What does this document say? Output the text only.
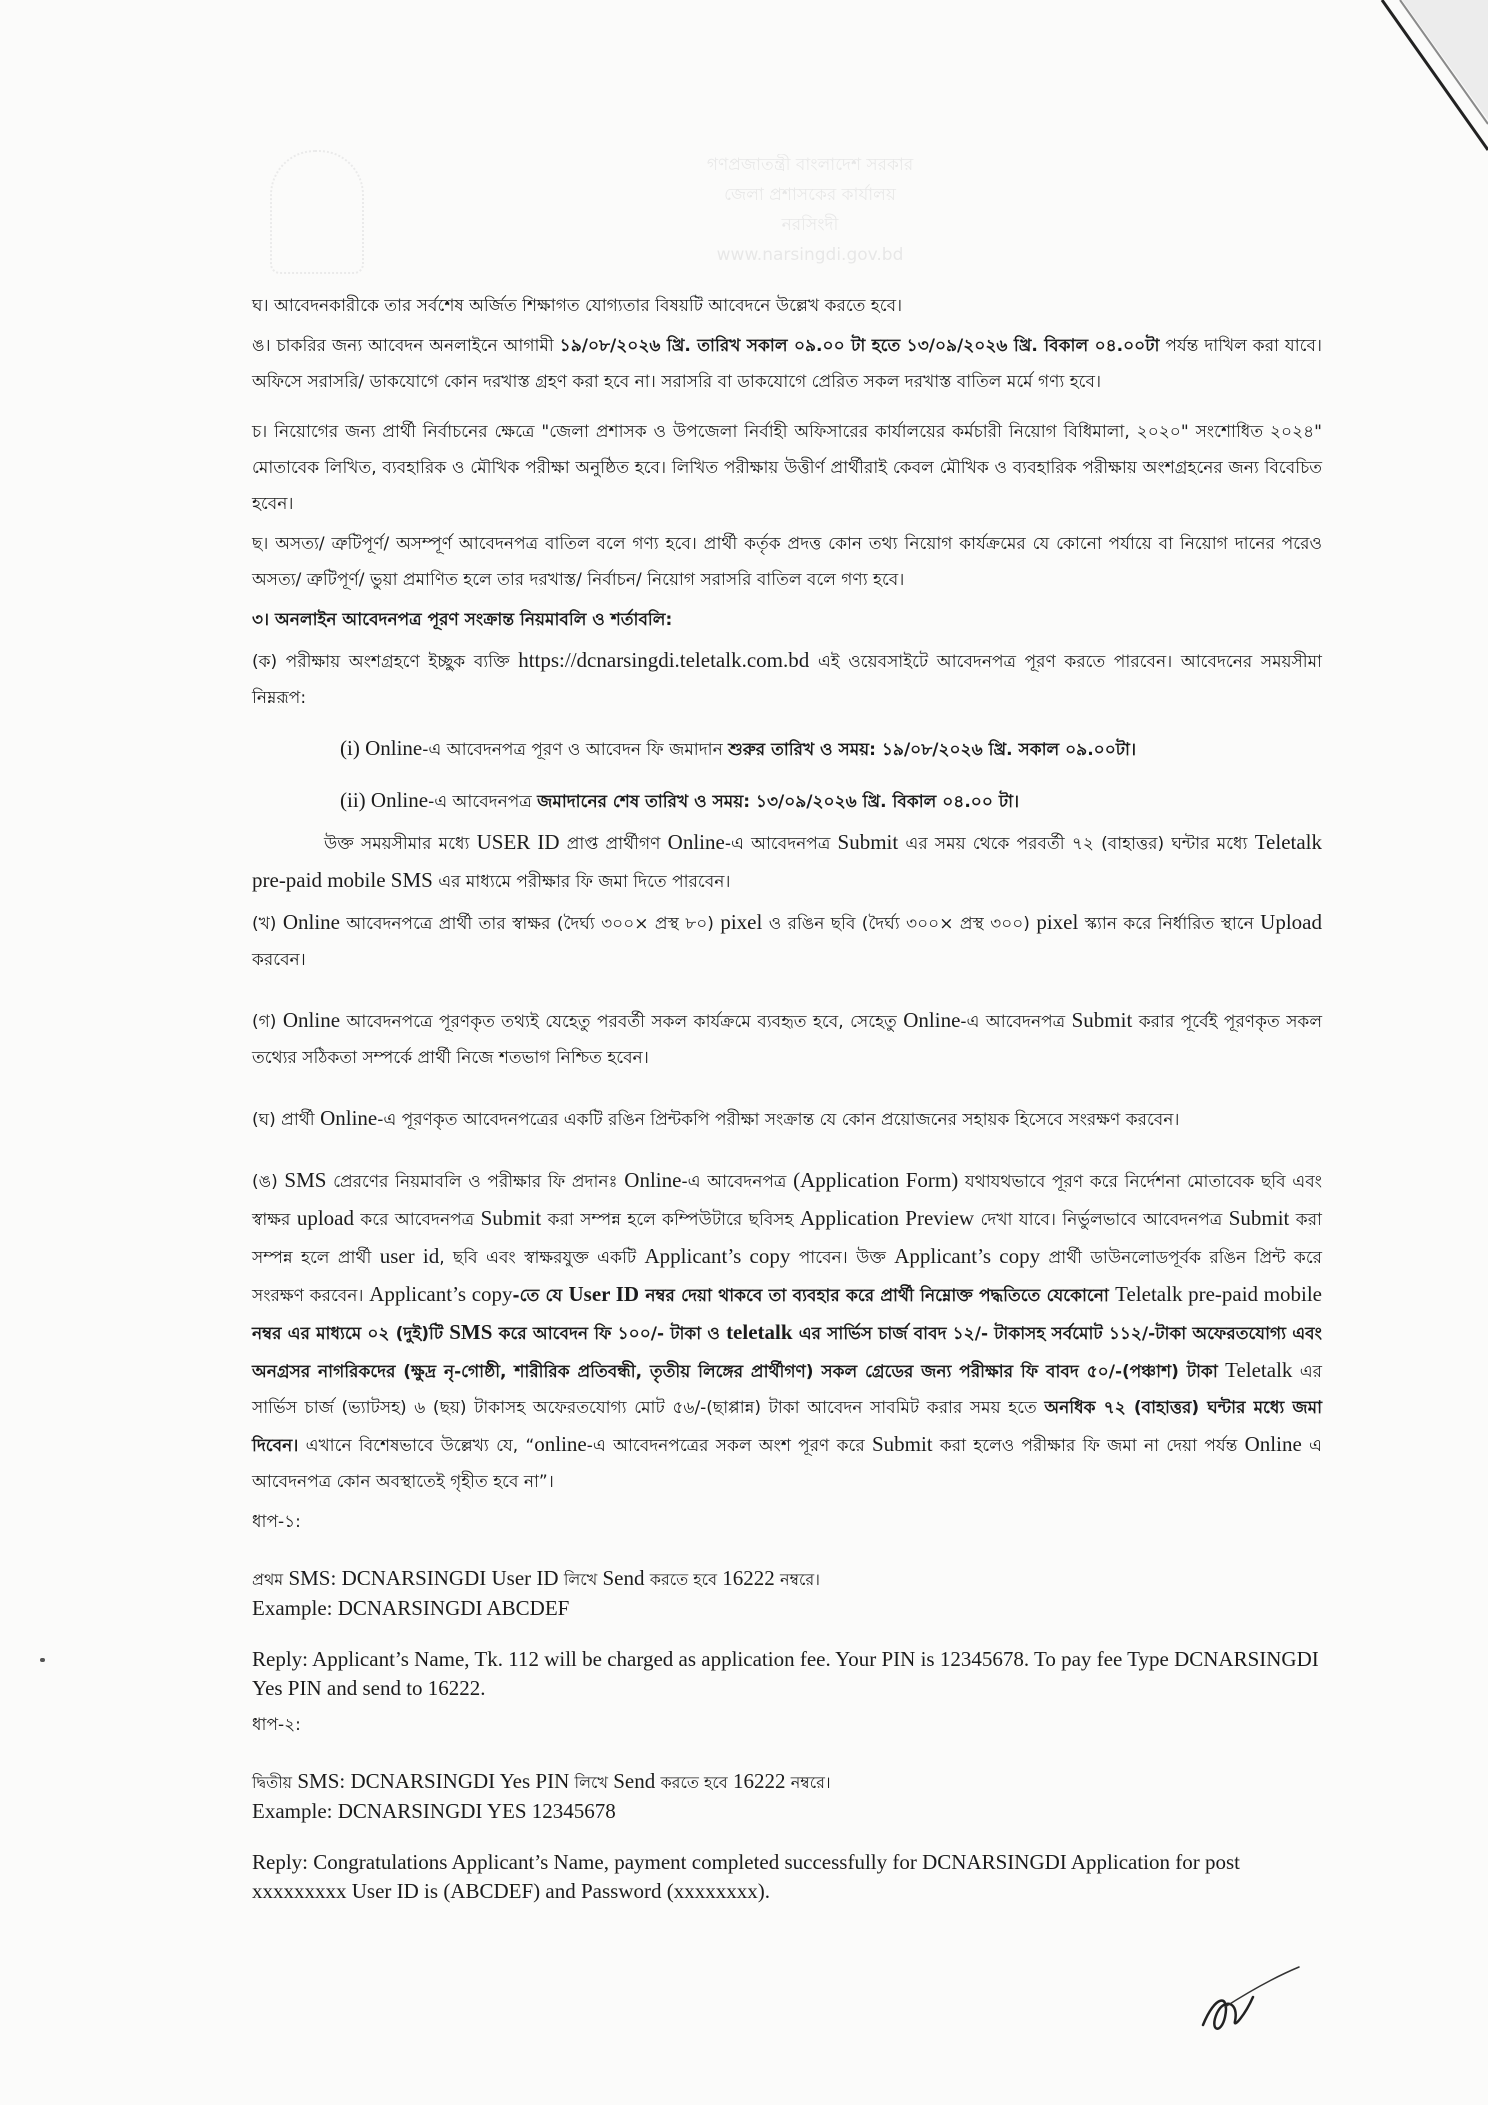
গণপ্রজাতন্ত্রী বাংলাদেশ সরকার
জেলা প্রশাসকের কার্যালয়
নরসিংদী
www.narsingdi.gov.bd

ঘ। আবেদনকারীকে তার সর্বশেষ অর্জিত শিক্ষাগত যোগ্যতার বিষয়টি আবেদনে উল্লেখ করতে হবে।

ঙ। চাকরির জন্য আবেদন অনলাইনে আগামী ১৯/০৮/২০২৬ খ্রি. তারিখ সকাল ০৯.০০ টা হতে ১৩/০৯/২০২৬ খ্রি. বিকাল ০৪.০০টা পর্যন্ত দাখিল করা যাবে। অফিসে সরাসরি/ ডাকযোগে কোন দরখাস্ত গ্রহণ করা হবে না। সরাসরি বা ডাকযোগে প্রেরিত সকল দরখাস্ত বাতিল মর্মে গণ্য হবে।

চ। নিয়োগের জন্য প্রার্থী নির্বাচনের ক্ষেত্রে "জেলা প্রশাসক ও উপজেলা নির্বাহী অফিসারের কার্যালয়ের কর্মচারী নিয়োগ বিধিমালা, ২০২০" সংশোধিত ২০২৪" মোতাবেক লিখিত, ব্যবহারিক ও মৌখিক পরীক্ষা অনুষ্ঠিত হবে। লিখিত পরীক্ষায় উত্তীর্ণ প্রার্থীরাই কেবল মৌখিক ও ব্যবহারিক পরীক্ষায় অংশগ্রহনের জন্য বিবেচিত হবেন।

ছ। অসত্য/ ত্রুটিপূর্ণ/ অসম্পূর্ণ আবেদনপত্র বাতিল বলে গণ্য হবে। প্রার্থী কর্তৃক প্রদত্ত কোন তথ্য নিয়োগ কার্যক্রমের যে কোনো পর্যায়ে বা নিয়োগ দানের পরেও অসত্য/ ত্রুটিপূর্ণ/ ভুয়া প্রমাণিত হলে তার দরখাস্ত/ নির্বাচন/ নিয়োগ সরাসরি বাতিল বলে গণ্য হবে।

৩। অনলাইন আবেদনপত্র পূরণ সংক্রান্ত নিয়মাবলি ও শর্তাবলি:

(ক) পরীক্ষায় অংশগ্রহণে ইচ্ছুক ব্যক্তি https://dcnarsingdi.teletalk.com.bd এই ওয়েবসাইটে আবেদনপত্র পূরণ করতে পারবেন। আবেদনের সময়সীমা নিম্নরূপ:

(i) Online-এ আবেদনপত্র পূরণ ও আবেদন ফি জমাদান শুরুর তারিখ ও সময়: ১৯/০৮/২০২৬ খ্রি. সকাল ০৯.০০টা।

(ii) Online-এ আবেদনপত্র জমাদানের শেষ তারিখ ও সময়: ১৩/০৯/২০২৬ খ্রি. বিকাল ০৪.০০ টা।

উক্ত সময়সীমার মধ্যে USER ID প্রাপ্ত প্রার্থীগণ Online-এ আবেদনপত্র Submit এর সময় থেকে পরবর্তী ৭২ (বাহাত্তর) ঘন্টার মধ্যে Teletalk pre-paid mobile SMS এর মাধ্যমে পরীক্ষার ফি জমা দিতে পারবেন।

(খ) Online আবেদনপত্রে প্রার্থী তার স্বাক্ষর (দৈর্ঘ্য ৩০০× প্রস্থ ৮০) pixel ও রঙিন ছবি (দৈর্ঘ্য ৩০০× প্রস্থ ৩০০) pixel স্ক্যান করে নির্ধারিত স্থানে Upload করবেন।

(গ) Online আবেদনপত্রে পূরণকৃত তথ্যই যেহেতু পরবর্তী সকল কার্যক্রমে ব্যবহৃত হবে, সেহেতু Online-এ আবেদনপত্র Submit করার পূর্বেই পূরণকৃত সকল তথ্যের সঠিকতা সম্পর্কে প্রার্থী নিজে শতভাগ নিশ্চিত হবেন।

(ঘ) প্রার্থী Online-এ পূরণকৃত আবেদনপত্রের একটি রঙিন প্রিন্টকপি পরীক্ষা সংক্রান্ত যে কোন প্রয়োজনের সহায়ক হিসেবে সংরক্ষণ করবেন।

(ঙ) SMS প্রেরণের নিয়মাবলি ও পরীক্ষার ফি প্রদানঃ Online-এ আবেদনপত্র (Application Form) যথাযথভাবে পূরণ করে নির্দেশনা মোতাবেক ছবি এবং স্বাক্ষর upload করে আবেদনপত্র Submit করা সম্পন্ন হলে কম্পিউটারে ছবিসহ Application Preview দেখা যাবে। নির্ভুলভাবে আবেদনপত্র Submit করা সম্পন্ন হলে প্রার্থী user id, ছবি এবং স্বাক্ষরযুক্ত একটি Applicant’s copy পাবেন। উক্ত Applicant’s copy প্রার্থী ডাউনলোডপূর্বক রঙিন প্রিন্ট করে সংরক্ষণ করবেন। Applicant’s copy-তে যে User ID নম্বর দেয়া থাকবে তা ব্যবহার করে প্রার্থী নিম্নোক্ত পদ্ধতিতে যেকোনো Teletalk pre-paid mobile নম্বর এর মাধ্যমে ০২ (দুই)টি SMS করে আবেদন ফি ১০০/- টাকা ও teletalk এর সার্ভিস চার্জ বাবদ ১২/- টাকাসহ সর্বমোট ১১২/-টাকা অফেরতযোগ্য এবং অনগ্রসর নাগরিকদের (ক্ষুদ্র নৃ-গোষ্ঠী, শারীরিক প্রতিবন্ধী, তৃতীয় লিঙ্গের প্রার্থীগণ) সকল গ্রেডের জন্য পরীক্ষার ফি বাবদ ৫০/-(পঞ্চাশ) টাকা Teletalk এর সার্ভিস চার্জ (ভ্যাটসহ) ৬ (ছয়) টাকাসহ অফেরতযোগ্য মোট ৫৬/-(ছাপ্পান্ন) টাকা আবেদন সাবমিট করার সময় হতে অনধিক ৭২ (বাহাত্তর) ঘন্টার মধ্যে জমা দিবেন। এখানে বিশেষভাবে উল্লেখ্য যে, “online-এ আবেদনপত্রের সকল অংশ পূরণ করে Submit করা হলেও পরীক্ষার ফি জমা না দেয়া পর্যন্ত Online এ আবেদনপত্র কোন অবস্থাতেই গৃহীত হবে না”।

ধাপ-১:

প্রথম SMS: DCNARSINGDI User ID লিখে Send করতে হবে 16222 নম্বরে।

Example: DCNARSINGDI ABCDEF

Reply: Applicant’s Name, Tk. 112 will be charged as application fee. Your PIN is 12345678. To pay fee Type DCNARSINGDI Yes PIN and send to 16222.

ধাপ-২:

দ্বিতীয় SMS: DCNARSINGDI Yes PIN লিখে Send করতে হবে 16222 নম্বরে।

Example: DCNARSINGDI YES 12345678

Reply: Congratulations Applicant’s Name, payment completed successfully for DCNARSINGDI Application for post xxxxxxxxx User ID is (ABCDEF) and Password (xxxxxxxx).
